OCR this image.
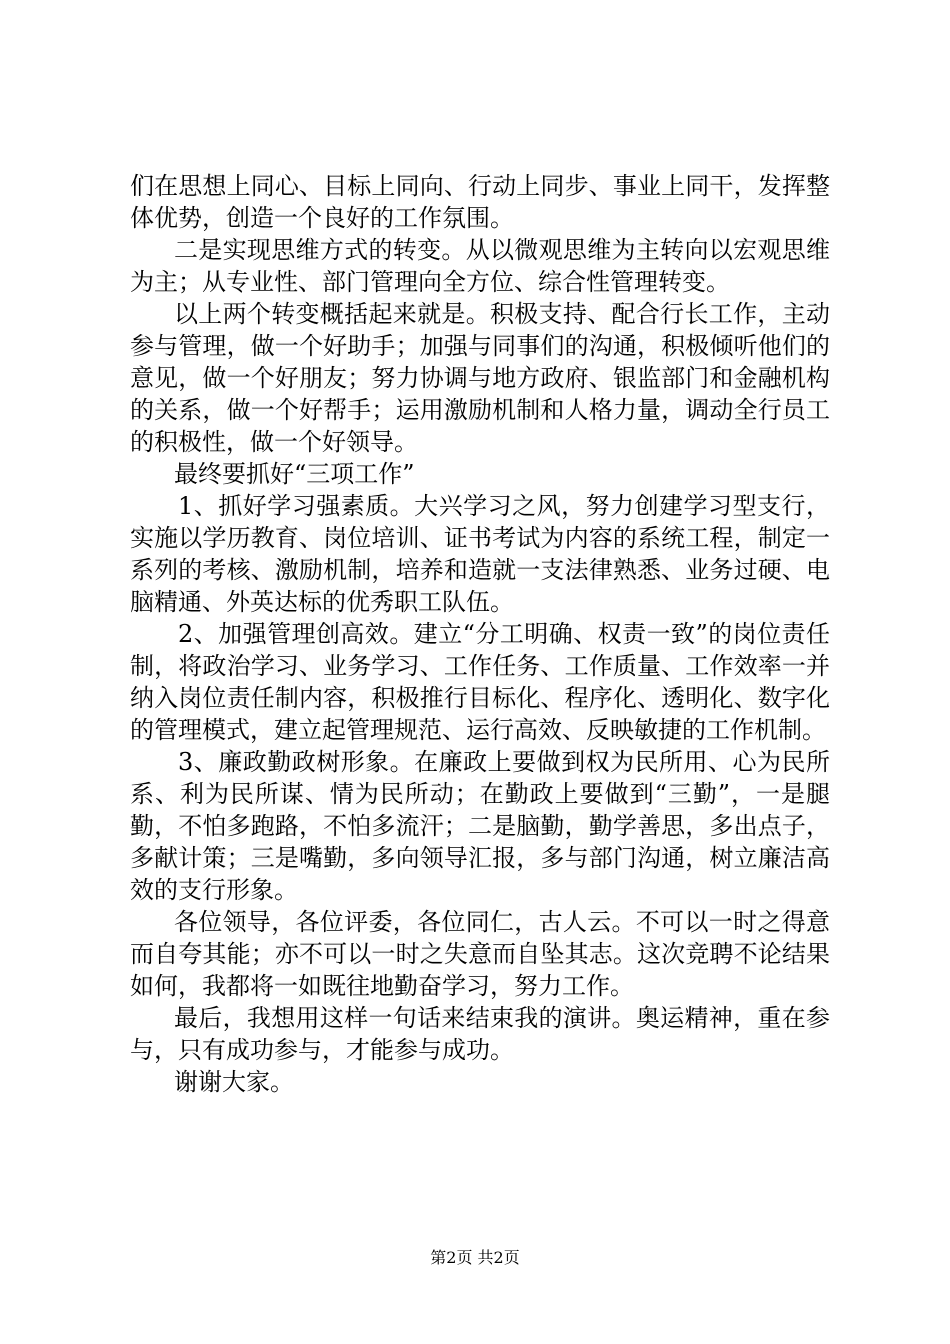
们在思想上同心、目标上同向、行动上同步、事业上同干，发挥整体优势，创造一个良好的工作氛围。

二是实现思维方式的转变。从以微观思维为主转向以宏观思维为主；从专业性、部门管理向全方位、综合性管理转变。

以上两个转变概括起来就是。积极支持、配合行长工作，主动参与管理，做一个好助手；加强与同事们的沟通，积极倾听他们的意见，做一个好朋友；努力协调与地方政府、银监部门和金融机构的关系，做一个好帮手；运用激励机制和人格力量，调动全行员工的积极性，做一个好领导。

最终要抓好“三项工作”

1、抓好学习强素质。大兴学习之风，努力创建学习型支行，实施以学历教育、岗位培训、证书考试为内容的系统工程，制定一系列的考核、激励机制，培养和造就一支法律熟悉、业务过硬、电脑精通、外英达标的优秀职工队伍。

2、加强管理创高效。建立“分工明确、权责一致”的岗位责任制，将政治学习、业务学习、工作任务、工作质量、工作效率一并纳入岗位责任制内容，积极推行目标化、程序化、透明化、数字化的管理模式，建立起管理规范、运行高效、反映敏捷的工作机制。

3、廉政勤政树形象。在廉政上要做到权为民所用、心为民所系、利为民所谋、情为民所动；在勤政上要做到“三勤”，一是腿勤，不怕多跑路，不怕多流汗；二是脑勤，勤学善思，多出点子，多献计策；三是嘴勤，多向领导汇报，多与部门沟通，树立廉洁高效的支行形象。

各位领导，各位评委，各位同仁，古人云。不可以一时之得意而自夸其能；亦不可以一时之失意而自坠其志。这次竞聘不论结果如何，我都将一如既往地勤奋学习，努力工作。

最后，我想用这样一句话来结束我的演讲。奥运精神，重在参与，只有成功参与，才能参与成功。

谢谢大家。

第2页 共2页
